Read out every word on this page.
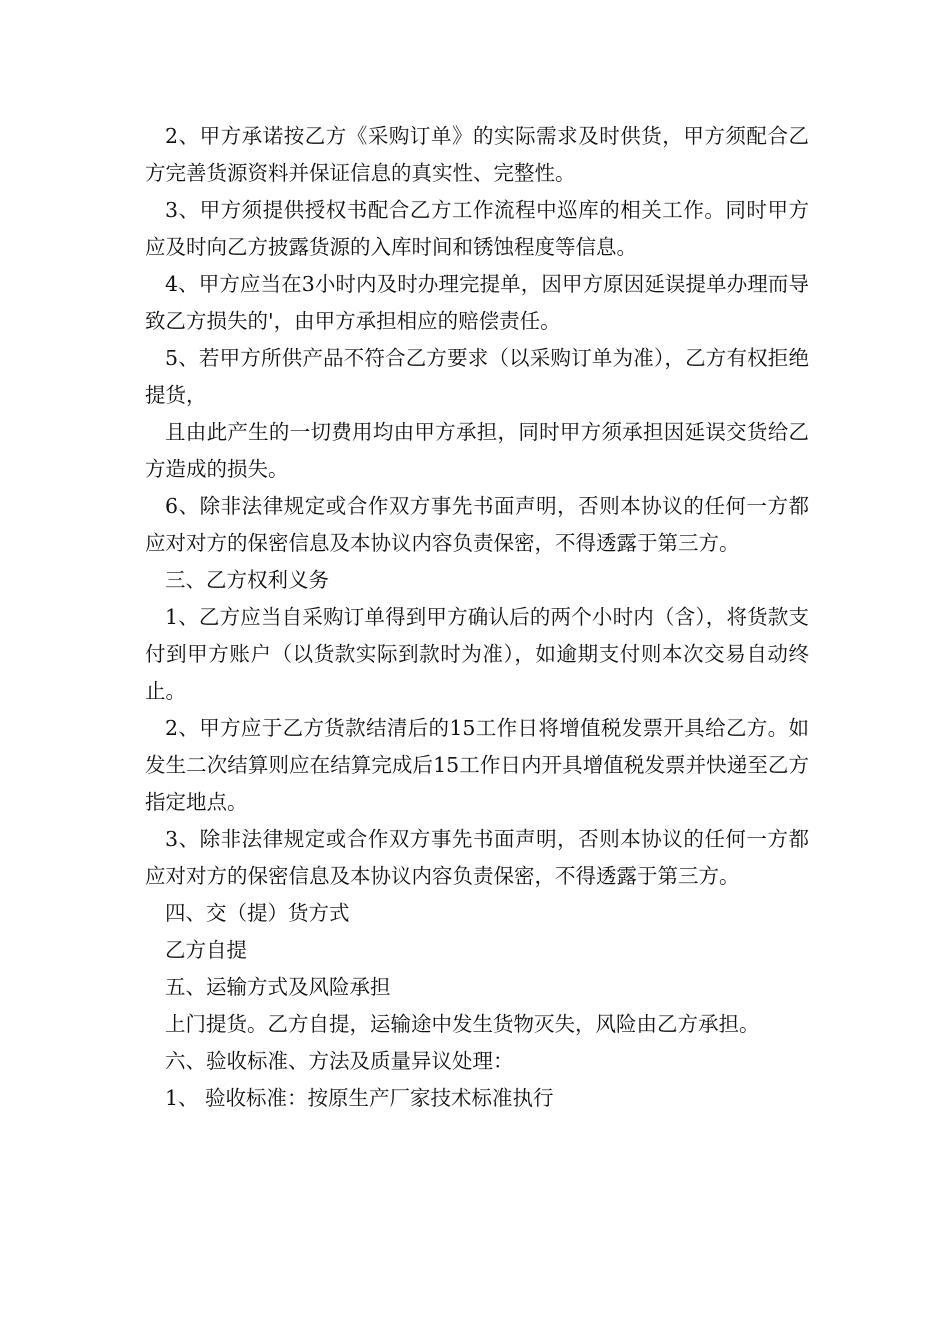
2、甲方承诺按乙方《采购订单》的实际需求及时供货，甲方须配合乙方完善货源资料并保证信息的真实性、完整性。

3、甲方须提供授权书配合乙方工作流程中巡库的相关工作。同时甲方应及时向乙方披露货源的入库时间和锈蚀程度等信息。

4、甲方应当在3小时内及时办理完提单，因甲方原因延误提单办理而导致乙方损失的'，由甲方承担相应的赔偿责任。

5、若甲方所供产品不符合乙方要求（以采购订单为准），乙方有权拒绝提货，

且由此产生的一切费用均由甲方承担，同时甲方须承担因延误交货给乙方造成的损失。

6、除非法律规定或合作双方事先书面声明，否则本协议的任何一方都应对对方的保密信息及本协议内容负责保密，不得透露于第三方。

三、乙方权利义务

1、乙方应当自采购订单得到甲方确认后的两个小时内（含），将货款支付到甲方账户（以货款实际到款时为准），如逾期支付则本次交易自动终止。

2、甲方应于乙方货款结清后的15工作日将增值税发票开具给乙方。如发生二次结算则应在结算完成后15工作日内开具增值税发票并快递至乙方指定地点。

3、除非法律规定或合作双方事先书面声明，否则本协议的任何一方都应对对方的保密信息及本协议内容负责保密，不得透露于第三方。

四、交（提）货方式

乙方自提

五、运输方式及风险承担

上门提货。乙方自提，运输途中发生货物灭失，风险由乙方承担。

六、验收标准、方法及质量异议处理：

1、 验收标准：按原生产厂家技术标准执行
